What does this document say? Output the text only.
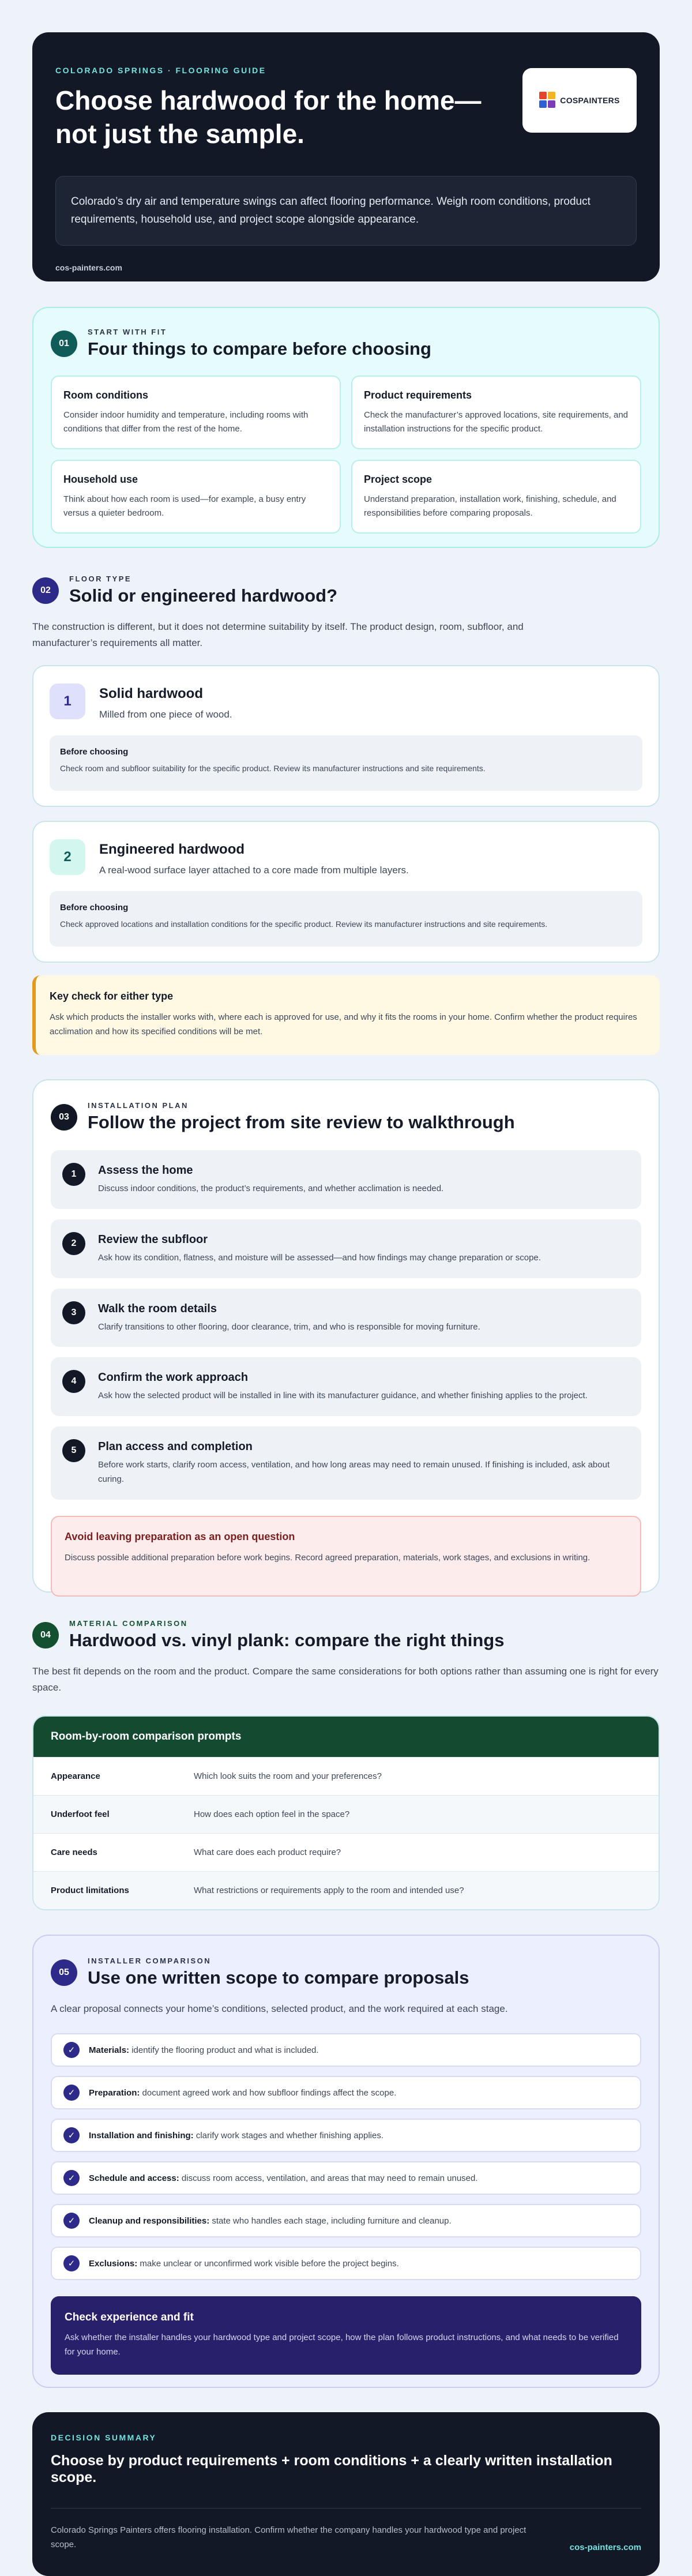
COLORADO SPRINGS · FLOORING GUIDE
Choose hardwood for the home—not just the sample.
COSPAINTERS
Colorado’s dry air and temperature swings can affect flooring performance. Weigh room conditions, product requirements, household use, and project scope alongside appearance.
cos-painters.com
01
START WITH FIT
Four things to compare before choosing
Room conditions

Consider indoor humidity and temperature, including rooms with conditions that differ from the rest of the home.

Product requirements

Check the manufacturer’s approved locations, site requirements, and installation instructions for the specific product.

Household use

Think about how each room is used—for example, a busy entry versus a quieter bedroom.

Project scope

Understand preparation, installation work, finishing, schedule, and responsibilities before comparing proposals.

02
FLOOR TYPE
Solid or engineered hardwood?

The construction is different, but it does not determine suitability by itself. The product design, room, subfloor, and manufacturer’s requirements all matter.

1	Solid hardwood

Milled from one piece of wood.

Before choosing

Check room and subfloor suitability for the specific product. Review its manufacturer instructions and site requirements.

2	Engineered hardwood

A real-wood surface layer attached to a core made from multiple layers.

Before choosing

Check approved locations and installation conditions for the specific product. Review its manufacturer instructions and site requirements.

Key check for either type

Ask which products the installer works with, where each is approved for use, and why it fits the rooms in your home. Confirm whether the product requires acclimation and how its specified conditions will be met.

03
INSTALLATION PLAN
Follow the project from site review to walkthrough
1	Assess the home

Discuss indoor conditions, the product’s requirements, and whether acclimation is needed.

2	Review the subfloor

Ask how its condition, flatness, and moisture will be assessed—and how findings may change preparation or scope.

3	Walk the room details

Clarify transitions to other flooring, door clearance, trim, and who is responsible for moving furniture.

4	Confirm the work approach

Ask how the selected product will be installed in line with its manufacturer guidance, and whether finishing applies to the project.

5	Plan access and completion

Before work starts, clarify room access, ventilation, and how long areas may need to remain unused. If finishing is included, ask about curing.

Avoid leaving preparation as an open question

Discuss possible additional preparation before work begins. Record agreed preparation, materials, work stages, and exclusions in writing.

04
MATERIAL COMPARISON
Hardwood vs. vinyl plank: compare the right things

The best fit depends on the room and the product. Compare the same considerations for both options rather than assuming one is right for every space.

Room-by-room comparison prompts
Appearance	Which look suits the room and your preferences?
Underfoot feel	How does each option feel in the space?
Care needs	What care does each product require?
Product limitations	What restrictions or requirements apply to the room and intended use?
05
INSTALLER COMPARISON
Use one written scope to compare proposals

A clear proposal connects your home’s conditions, selected product, and the work required at each stage.

✓	Materials: identify the flooring product and what is included.
✓	Preparation: document agreed work and how subfloor findings affect the scope.
✓	Installation and finishing: clarify work stages and whether finishing applies.
✓	Schedule and access: discuss room access, ventilation, and areas that may need to remain unused.
✓	Cleanup and responsibilities: state who handles each stage, including furniture and cleanup.
✓	Exclusions: make unclear or unconfirmed work visible before the project begins.
Check experience and fit

Ask whether the installer handles your hardwood type and project scope, how the plan follows product instructions, and what needs to be verified for your home.

DECISION SUMMARY
Choose by product requirements + room conditions + a clearly written installation scope.

Colorado Springs Painters offers flooring installation. Confirm whether the company handles your hardwood type and project scope.	cos-painters.com
